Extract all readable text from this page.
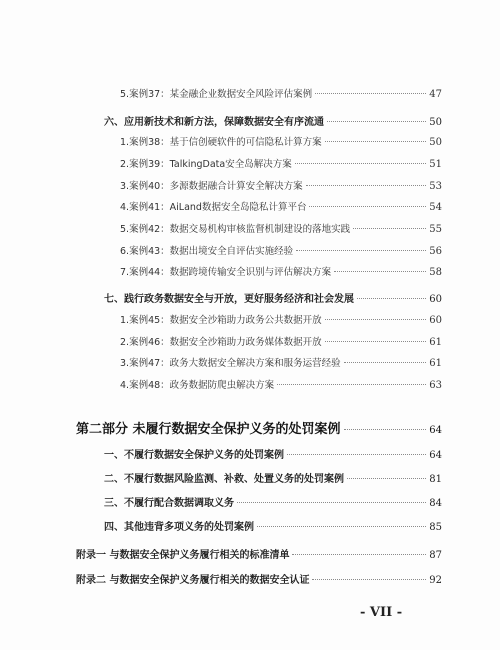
5.案例37：某金融企业数据安全风险评估案例	47
六、应用新技术和新方法，保障数据安全有序流通	50
1.案例38：基于信创硬软件的可信隐私计算方案	50
2.案例39：TalkingData安全岛解决方案	51
3.案例40：多源数据融合计算安全解决方案	53
4.案例41：AiLand数据安全岛隐私计算平台	54
5.案例42：数据交易机构审核监督机制建设的落地实践	55
6.案例43：数据出境安全自评估实施经验	56
7.案例44：数据跨境传输安全识别与评估解决方案	58
七、践行政务数据安全与开放，更好服务经济和社会发展	60
1.案例45：数据安全沙箱助力政务公共数据开放	60
2.案例46：数据安全沙箱助力政务媒体数据开放	61
3.案例47：政务大数据安全解决方案和服务运营经验	61
4.案例48：政务数据防爬虫解决方案	63
第二部分 未履行数据安全保护义务的处罚案例	64
一、不履行数据安全保护义务的处罚案例	64
二、不履行数据风险监测、补救、处置义务的处罚案例	81
三、不履行配合数据调取义务	84
四、其他违背多项义务的处罚案例	85
附录一 与数据安全保护义务履行相关的标准清单	87
附录二 与数据安全保护义务履行相关的数据安全认证	92
- VII -
